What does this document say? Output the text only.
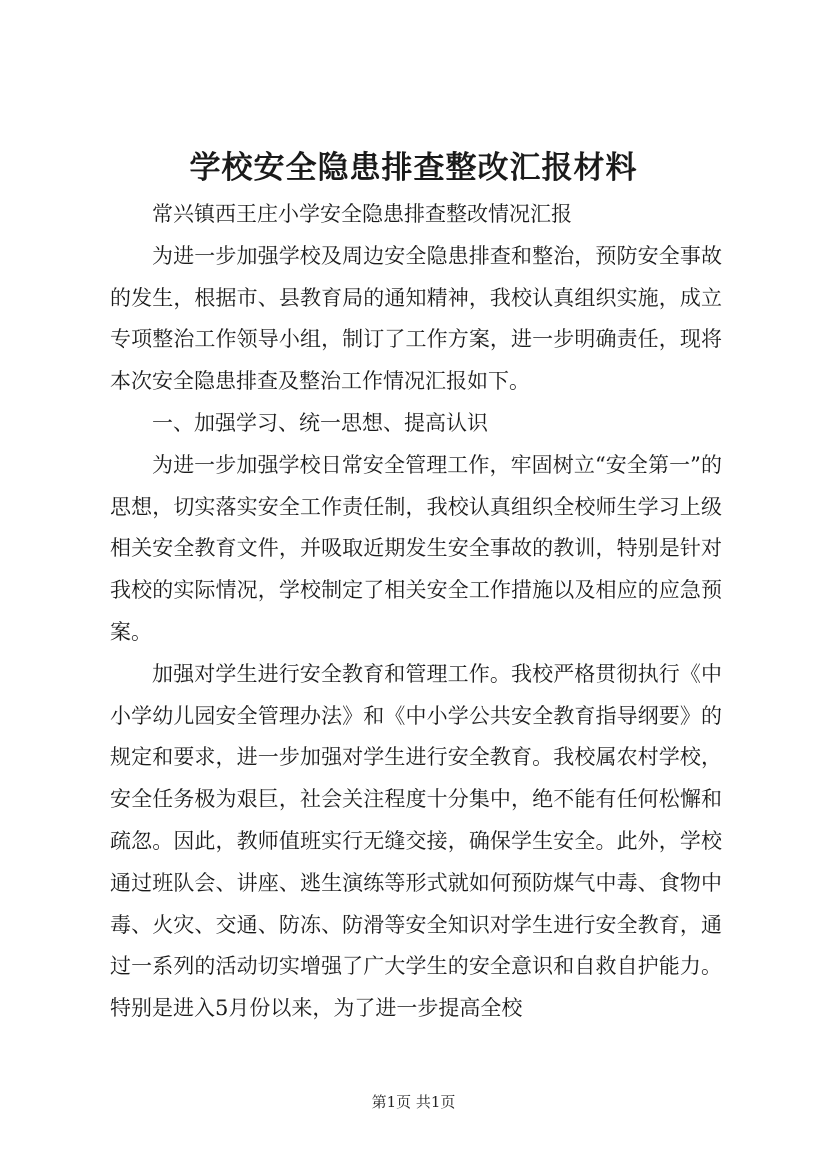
学校安全隐患排查整改汇报材料

常兴镇西王庄小学安全隐患排查整改情况汇报

为进一步加强学校及周边安全隐患排查和整治，预防安全事故的发生，根据市、县教育局的通知精神，我校认真组织实施，成立专项整治工作领导小组，制订了工作方案，进一步明确责任，现将本次安全隐患排查及整治工作情况汇报如下。

一、加强学习、统一思想、提高认识

为进一步加强学校日常安全管理工作，牢固树立“安全第一”的思想，切实落实安全工作责任制，我校认真组织全校师生学习上级相关安全教育文件，并吸取近期发生安全事故的教训，特别是针对我校的实际情况，学校制定了相关安全工作措施以及相应的应急预案。

加强对学生进行安全教育和管理工作。我校严格贯彻执行《中小学幼儿园安全管理办法》和《中小学公共安全教育指导纲要》的规定和要求，进一步加强对学生进行安全教育。我校属农村学校，安全任务极为艰巨，社会关注程度十分集中，绝不能有任何松懈和疏忽。因此，教师值班实行无缝交接，确保学生安全。此外，学校通过班队会、讲座、逃生演练等形式就如何预防煤气中毒、食物中毒、火灾、交通、防冻、防滑等安全知识对学生进行安全教育，通过一系列的活动切实增强了广大学生的安全意识和自救自护能力。特别是进入5月份以来，为了进一步提高全校

第1页 共1页
